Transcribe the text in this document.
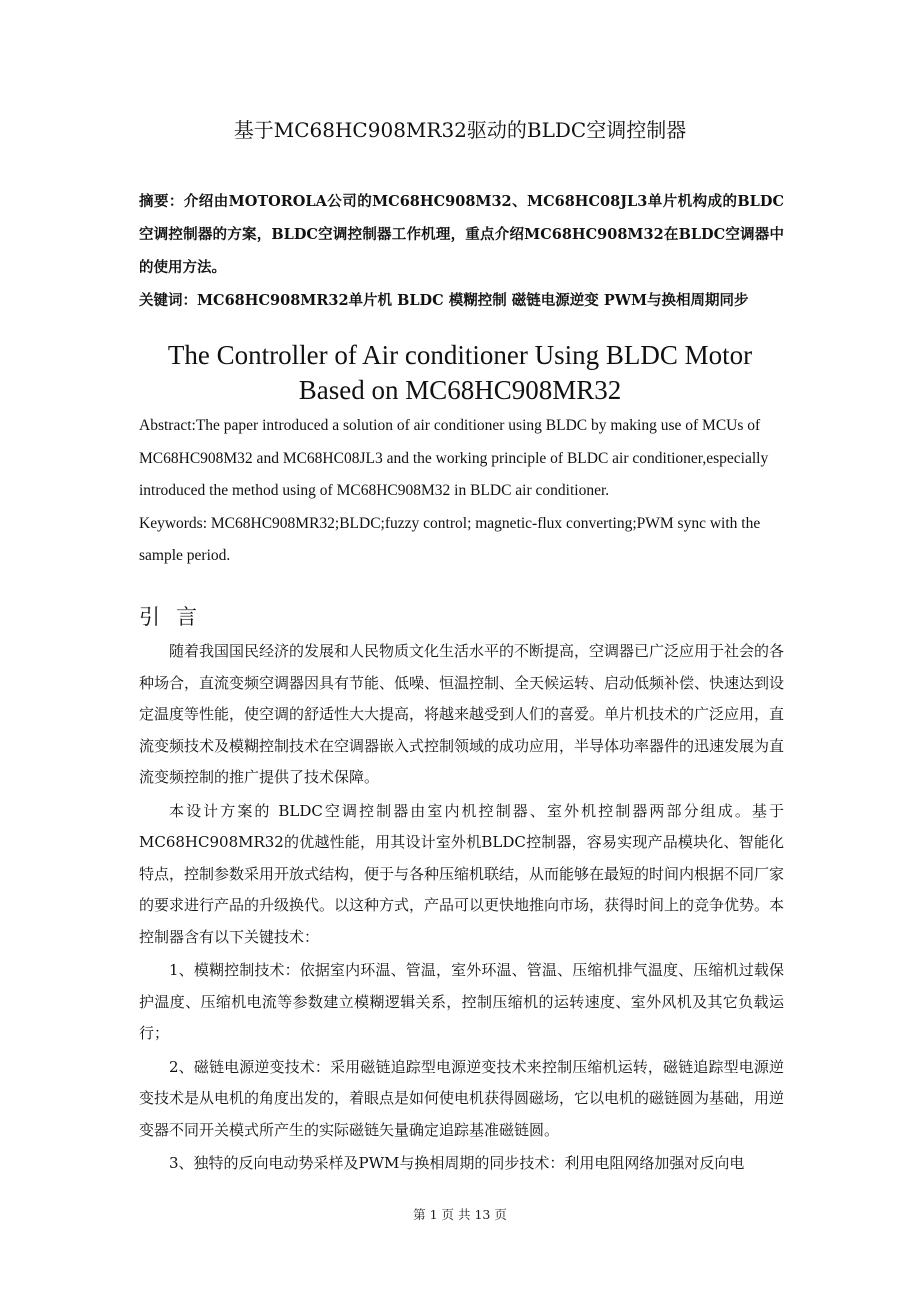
基于MC68HC908MR32驱动的BLDC空调控制器

摘要：介绍由MOTOROLA公司的MC68HC908M32、MC68HC08JL3单片机构成的BLDC空调控制器的方案，BLDC空调控制器工作机理，重点介绍MC68HC908M32在BLDC空调器中的使用方法。

关键词：MC68HC908MR32单片机 BLDC 模糊控制 磁链电源逆变 PWM与换相周期同步

The Controller of Air conditioner Using BLDC Motor
Based on MC68HC908MR32

Abstract:The paper introduced a solution of air conditioner using BLDC by making use of MCUs of MC68HC908M32 and MC68HC08JL3 and the working principle of BLDC air conditioner,especially introduced the method using of MC68HC908M32 in BLDC air conditioner.

Keywords: MC68HC908MR32;BLDC;fuzzy control; magnetic-flux converting;PWM sync with the sample period.

引言

随着我国国民经济的发展和人民物质文化生活水平的不断提高，空调器已广泛应用于社会的各种场合，直流变频空调器因具有节能、低噪、恒温控制、全天候运转、启动低频补偿、快速达到设定温度等性能，使空调的舒适性大大提高，将越来越受到人们的喜爱。单片机技术的广泛应用，直流变频技术及模糊控制技术在空调器嵌入式控制领域的成功应用，半导体功率器件的迅速发展为直流变频控制的推广提供了技术保障。

本设计方案的 BLDC空调控制器由室内机控制器、室外机控制器两部分组成。基于MC68HC908MR32的优越性能，用其设计室外机BLDC控制器，容易实现产品模块化、智能化特点，控制参数采用开放式结构，便于与各种压缩机联结，从而能够在最短的时间内根据不同厂家的要求进行产品的升级换代。以这种方式，产品可以更快地推向市场，获得时间上的竞争优势。本控制器含有以下关键技术：

1、模糊控制技术：依据室内环温、管温，室外环温、管温、压缩机排气温度、压缩机过载保护温度、压缩机电流等参数建立模糊逻辑关系，控制压缩机的运转速度、室外风机及其它负载运行；

2、磁链电源逆变技术：采用磁链追踪型电源逆变技术来控制压缩机运转，磁链追踪型电源逆变技术是从电机的角度出发的，着眼点是如何使电机获得圆磁场，它以电机的磁链圆为基础，用逆变器不同开关模式所产生的实际磁链矢量确定追踪基准磁链圆。

3、独特的反向电动势采样及PWM与换相周期的同步技术：利用电阻网络加强对反向电

第 1 页 共 13 页
